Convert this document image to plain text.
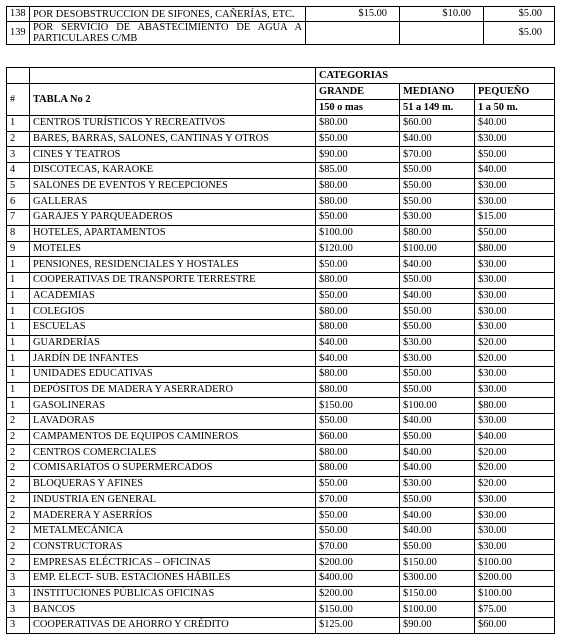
138	POR DESOBSTRUCCION DE SIFONES, CAÑERÍAS, ETC.	$15.00	$10.00	$5.00
139	POR SERVICIO DE ABASTECIMIENTO DE AGUA A PARTICULARES C/MB			$5.00
		CATEGORIAS		
#	TABLA No 2	GRANDE	MEDIANO	PEQUEÑO
		150 o mas	51 a 149 m.	1 a 50 m.
1	CENTROS TURÍSTICOS Y RECREATIVOS	$80.00	$60.00	$40.00
2	BARES, BARRAS, SALONES, CANTINAS Y OTROS	$50.00	$40.00	$30.00
3	CINES Y TEATROS	$90.00	$70.00	$50.00
4	DISCOTECAS, KARAOKE	$85.00	$50.00	$40.00
5	SALONES DE EVENTOS Y RECEPCIONES	$80.00	$50.00	$30.00
6	GALLERAS	$80.00	$50.00	$30.00
7	GARAJES Y PARQUEADEROS	$50.00	$30.00	$15.00
8	HOTELES, APARTAMENTOS	$100.00	$80.00	$50.00
9	MOTELES	$120.00	$100.00	$80.00
1	PENSIONES, RESIDENCIALES Y HOSTALES	$50.00	$40.00	$30.00
1	COOPERATIVAS DE TRANSPORTE TERRESTRE	$80.00	$50.00	$30.00
1	ACADEMIAS	$50.00	$40.00	$30.00
1	COLEGIOS	$80.00	$50.00	$30.00
1	ESCUELAS	$80.00	$50.00	$30.00
1	GUARDERÍAS	$40.00	$30.00	$20.00
1	JARDÍN DE INFANTES	$40.00	$30.00	$20.00
1	UNIDADES EDUCATIVAS	$80.00	$50.00	$30.00
1	DEPÓSITOS DE MADERA Y ASERRADERO	$80.00	$50.00	$30.00
1	GASOLINERAS	$150.00	$100.00	$80.00
2	LAVADORAS	$50.00	$40.00	$30.00
2	CAMPAMENTOS DE EQUIPOS CAMINEROS	$60.00	$50.00	$40.00
2	CENTROS COMERCIALES	$80.00	$40.00	$20.00
2	COMISARIATOS O SUPERMERCADOS	$80.00	$40.00	$20.00
2	BLOQUERAS Y AFINES	$50.00	$30.00	$20.00
2	INDUSTRIA EN GENERAL	$70.00	$50.00	$30.00
2	MADERERA Y ASERRÍOS	$50.00	$40.00	$30.00
2	METALMECÁNICA	$50.00	$40.00	$30.00
2	CONSTRUCTORAS	$70.00	$50.00	$30.00
2	EMPRESAS ELÉCTRICAS – OFICINAS	$200.00	$150.00	$100.00
3	EMP. ELECT- SUB. ESTACIONES HÁBILES	$400.00	$300.00	$200.00
3	INSTITUCIONES PÚBLICAS OFICINAS	$200.00	$150.00	$100.00
3	BANCOS	$150.00	$100.00	$75.00
3	COOPERATIVAS DE AHORRO Y CRÉDITO	$125.00	$90.00	$60.00
